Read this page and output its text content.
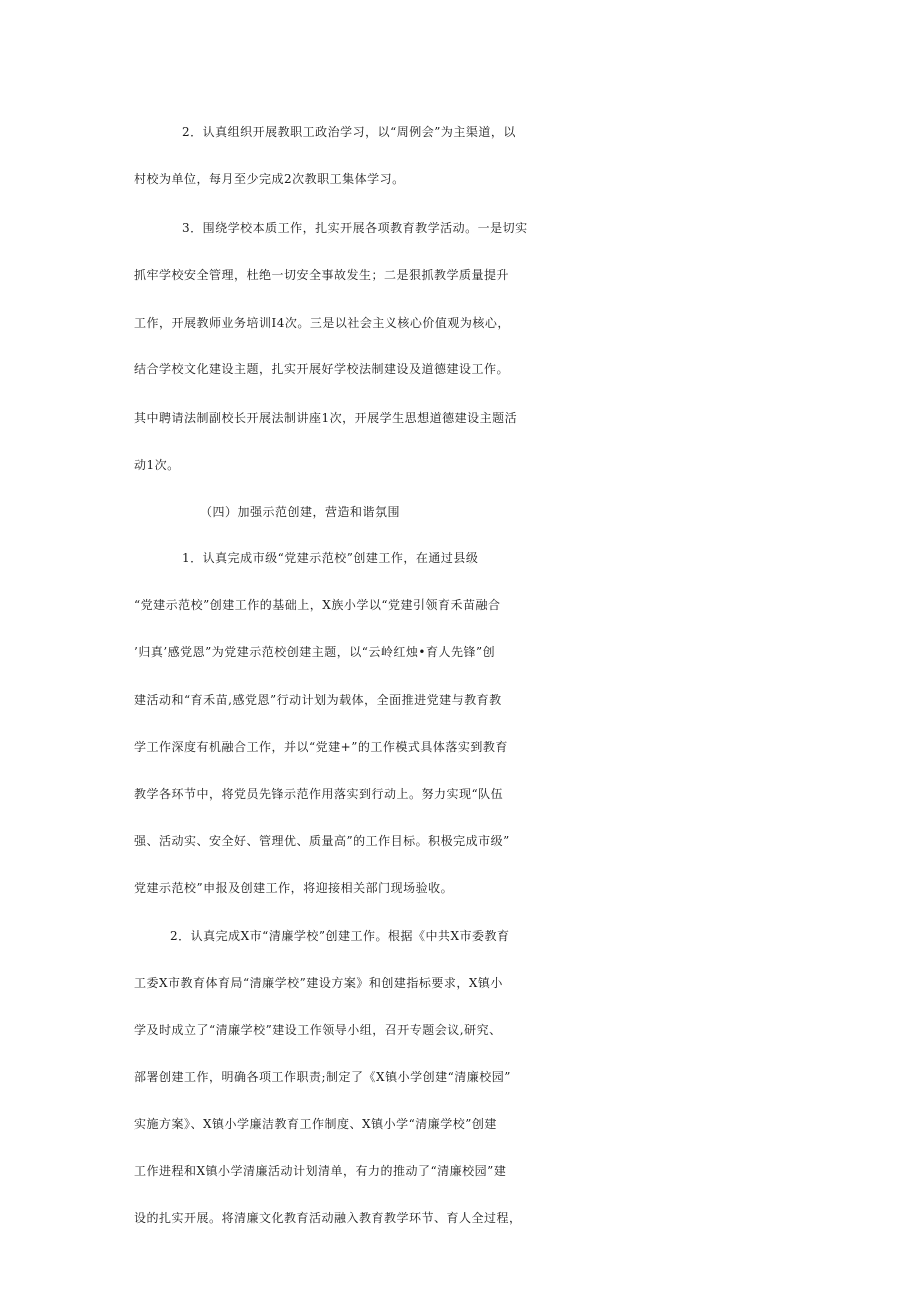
2．认真组织开展教职工政治学习，以“周例会”为主渠道，以
村校为单位，每月至少完成2次教职工集体学习。
3．围绕学校本质工作，扎实开展各项教育教学活动。一是切实
抓牢学校安全管理，杜绝一切安全事故发生；二是狠抓教学质量提升
工作，开展教师业务培训I4次。三是以社会主义核心价值观为核心，
结合学校文化建设主题，扎实开展好学校法制建设及道德建设工作。
其中聘请法制副校长开展法制讲座1次，开展学生思想道德建设主题活
动1次。
（四）加强示范创建，营造和谐氛围
1．认真完成市级“党建示范校”创建工作，在通过县级
“党建示范校”创建工作的基础上，X族小学以“党建引领育禾苗融合
’归真’感党恩”为党建示范校创建主题，以“云岭红烛•育人先锋”创
建活动和“育禾苗,感党恩”行动计划为载体，全面推进党建与教育教
学工作深度有机融合工作，并以“党建+”的工作模式具体落实到教育
教学各环节中，将党员先锋示范作用落实到行动上。努力实现“队伍
强、活动实、安全好、管理优、质量高”的工作目标。积极完成市级”
党建示范校”申报及创建工作，将迎接相关部门现场验收。
2．认真完成X市“清廉学校”创建工作。根据《中共X市委教育
工委X市教育体育局“清廉学校”建设方案》和创建指标要求，X镇小
学及时成立了“清廉学校”建设工作领导小组，召开专题会议,研究、
部署创建工作，明确各项工作职责;制定了《X镇小学创建“清廉校园”
实施方案》、X镇小学廉洁教育工作制度、X镇小学“清廉学校”创建
工作进程和X镇小学清廉活动计划清单，有力的推动了“清廉校园”建
设的扎实开展。将清廉文化教育活动融入教育教学环节、育人全过程，
